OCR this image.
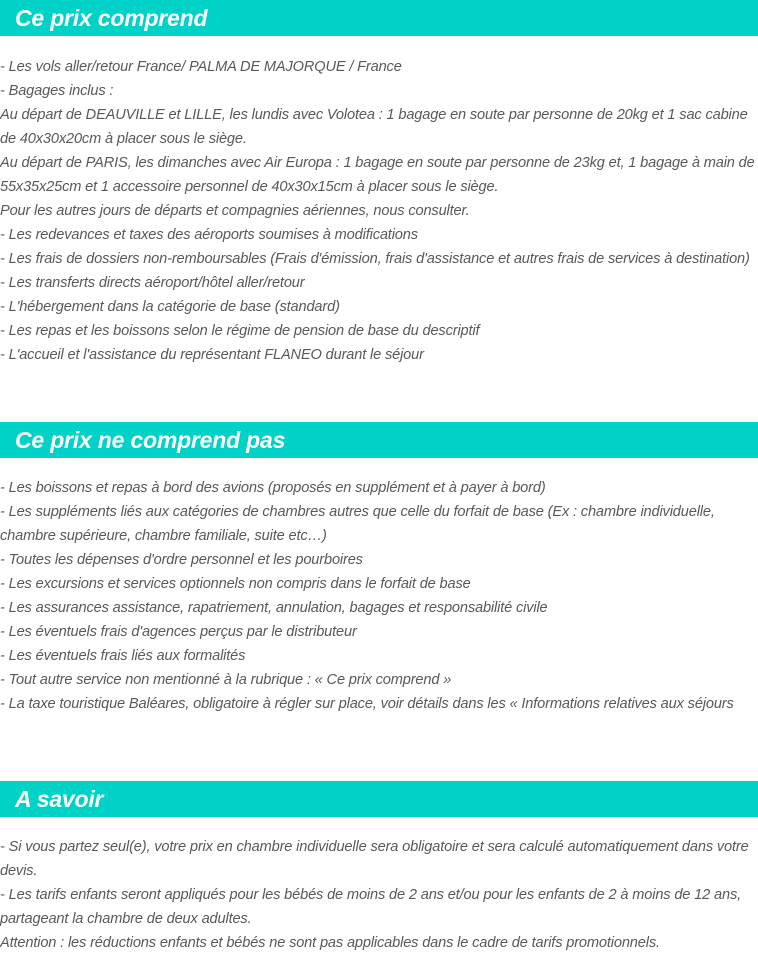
Ce prix comprend

- Les vols aller/retour France/ PALMA DE MAJORQUE / France

- Bagages inclus :

Au départ de DEAUVILLE et LILLE, les lundis avec Volotea : 1 bagage en soute par personne de 20kg et 1 sac cabine de 40x30x20cm à placer sous le siège.

Au départ de PARIS, les dimanches avec Air Europa : 1 bagage en soute par personne de 23kg et, 1 bagage à main de 55x35x25cm et 1 accessoire personnel de 40x30x15cm à placer sous le siège.

Pour les autres jours de départs et compagnies aériennes, nous consulter.

- Les redevances et taxes des aéroports soumises à modifications

- Les frais de dossiers non-remboursables (Frais d'émission, frais d'assistance et autres frais de services à destination)

- Les transferts directs aéroport/hôtel aller/retour

- L'hébergement dans la catégorie de base (standard)

- Les repas et les boissons selon le régime de pension de base du descriptif

- L'accueil et l'assistance du représentant FLANEO durant le séjour

Ce prix ne comprend pas

- Les boissons et repas à bord des avions (proposés en supplément et à payer à bord)

- Les suppléments liés aux catégories de chambres autres que celle du forfait de base (Ex : chambre individuelle, chambre supérieure, chambre familiale, suite etc…)

- Toutes les dépenses d'ordre personnel et les pourboires

- Les excursions et services optionnels non compris dans le forfait de base

- Les assurances assistance, rapatriement, annulation, bagages et responsabilité civile

- Les éventuels frais d'agences perçus par le distributeur

- Les éventuels frais liés aux formalités

- Tout autre service non mentionné à la rubrique : « Ce prix comprend »

- La taxe touristique Baléares, obligatoire à régler sur place, voir détails dans les « Informations relatives aux séjours

A savoir

- Si vous partez seul(e), votre prix en chambre individuelle sera obligatoire et sera calculé automatiquement dans votre devis.

- Les tarifs enfants seront appliqués pour les bébés de moins de 2 ans et/ou pour les enfants de 2 à moins de 12 ans, partageant la chambre de deux adultes.

Attention : les réductions enfants et bébés ne sont pas applicables dans le cadre de tarifs promotionnels.
